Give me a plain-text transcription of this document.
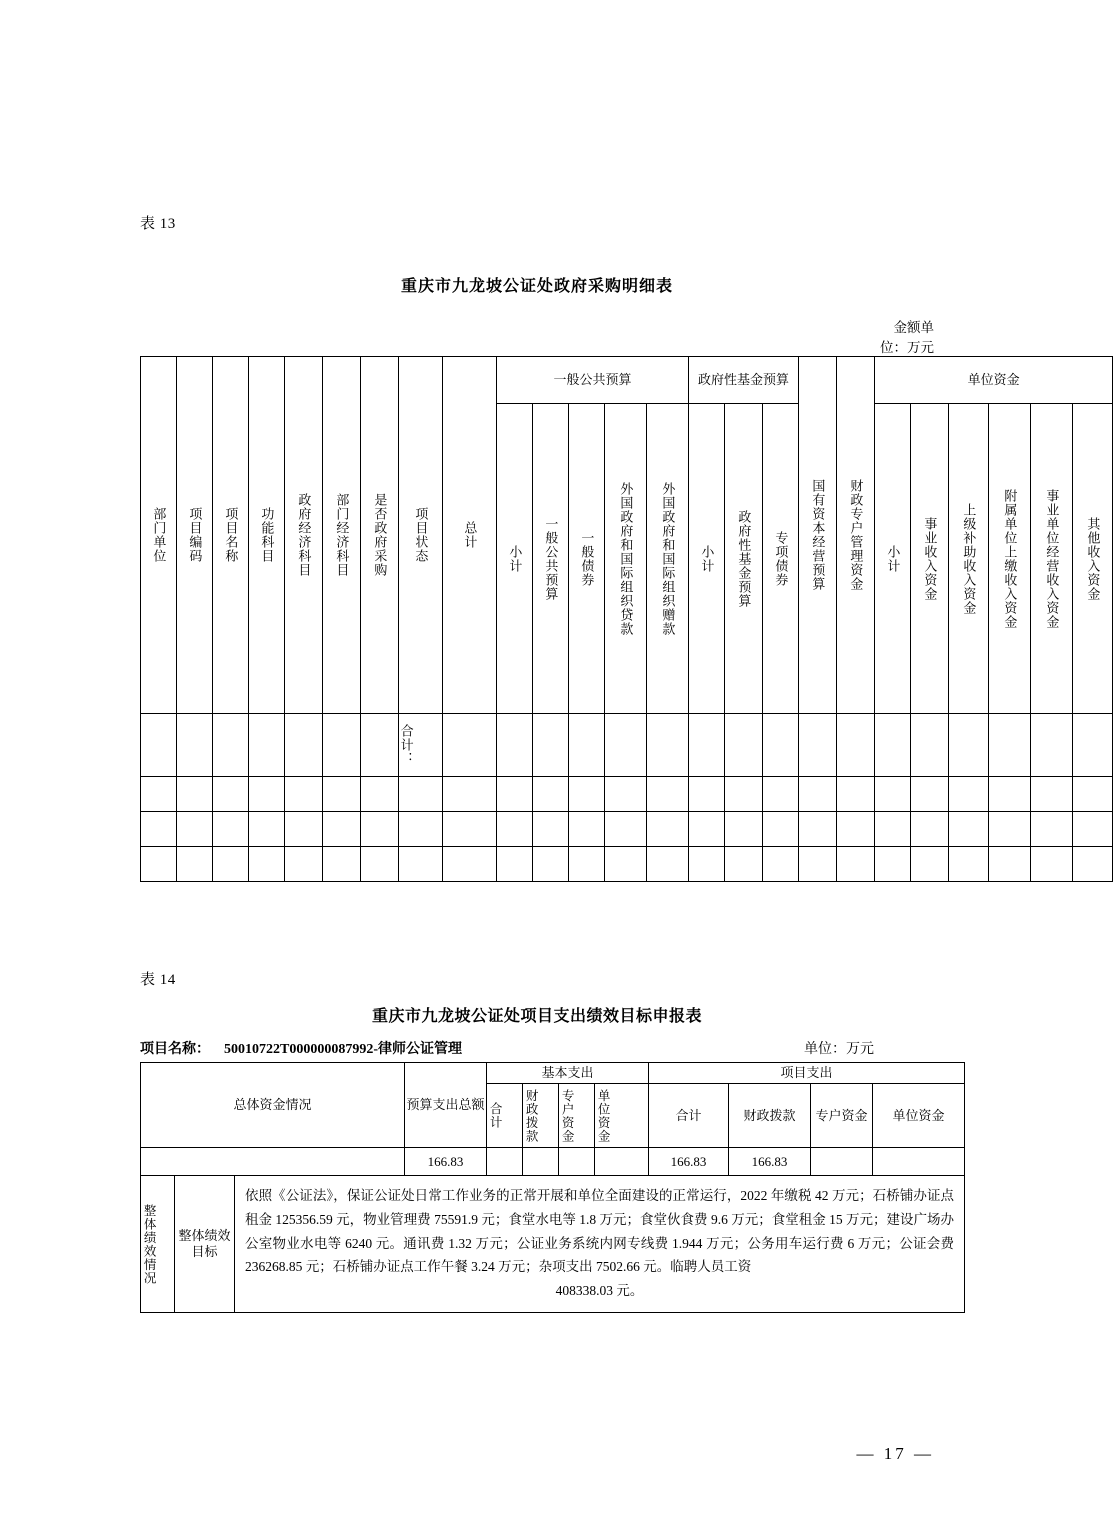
表 13
重庆市九龙坡公证处政府采购明细表
金额单位：万元
部门单位	项目编码	项目名称	功能科目	政府经济科目	部门经济科目	是否政府采购	项目状态	总计	一般公共预算					政府性基金预算			国有资本经营预算	财政专户管理资金	单位资金					

									小计	一般公共预算	一般债券	外国政府和国际组织贷款	外国政府和国际组织赠款	小计	政府性基金预算	专项债券			小计	事业收入资金	上级补助收入资金	附属单位上缴收入资金	事业单位经营收入资金	其他收入资金

							合计：																	

表 14
重庆市九龙坡公证处项目支出绩效目标申报表
项目名称： 50010722T000000087992-律师公证管理	单位：万元
总体资金情况			预算支出总额	基本支出				项目支出			

				合计	财政拨款	专户资金	单位资金	合计	财政拨款	专户资金	单位资金
			166.83					166.83	166.83		

整体绩效情况	整体绩效目标	依照《公证法》，保证公证处日常工作业务的正常开展和单位全面建设的正常运行，2022 年缴税 42 万元；石桥铺办证点租金 125356.59 元，物业管理费 75591.9 元；食堂水电等 1.8 万元；食堂伙食费 9.6 万元；食堂租金 15 万元；建设广场办公室物业水电等 6240 元。通讯费 1.32 万元；公证业务系统内网专线费 1.944 万元；公务用车运行费 6 万元；公证会费 236268.85 元；石桥铺办证点工作午餐 3.24 万元；杂项支出 7502.66 元。临聘人员工资
408338.03 元。									
— 17 —
